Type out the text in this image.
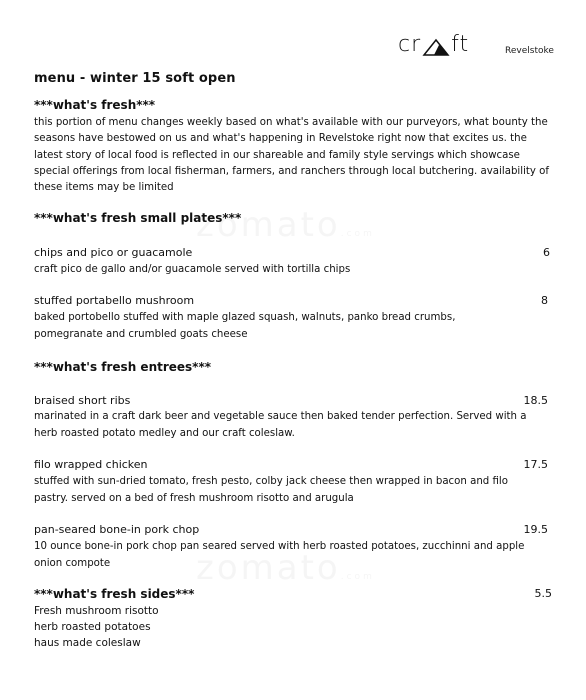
zomato.com
zomato.com
cr ft	Revelstoke
menu - winter 15 soft open
***what's fresh***
this portion of menu changes weekly based on what's available with our purveyors, what bounty the seasons have bestowed on us and what's happening in Revelstoke right now that excites us. the latest story of local food is reflected in our shareable and family style servings which showcase special offerings from local fisherman, farmers, and ranchers through local butchering. availability of these items may be limited
***what's fresh small plates***
chips and pico or guacamole	6
craft pico de gallo and/or guacamole served with tortilla chips
stuffed portabello mushroom	8
baked portobello stuffed with maple glazed squash, walnuts, panko bread crumbs, pomegranate and crumbled goats cheese
***what's fresh entrees***
braised short ribs	18.5
marinated in a craft dark beer and vegetable sauce then baked tender perfection. Served with a herb roasted potato medley and our craft coleslaw.
filo wrapped chicken	17.5
stuffed with sun-dried tomato, fresh pesto, colby jack cheese then wrapped in bacon and filo pastry. served on a bed of fresh mushroom risotto and arugula
pan-seared bone-in pork chop	19.5
10 ounce bone-in pork chop pan seared served with herb roasted potatoes, zucchinni and apple onion compote
***what's fresh sides***	5.5
Fresh mushroom risotto
herb roasted potatoes
haus made coleslaw
